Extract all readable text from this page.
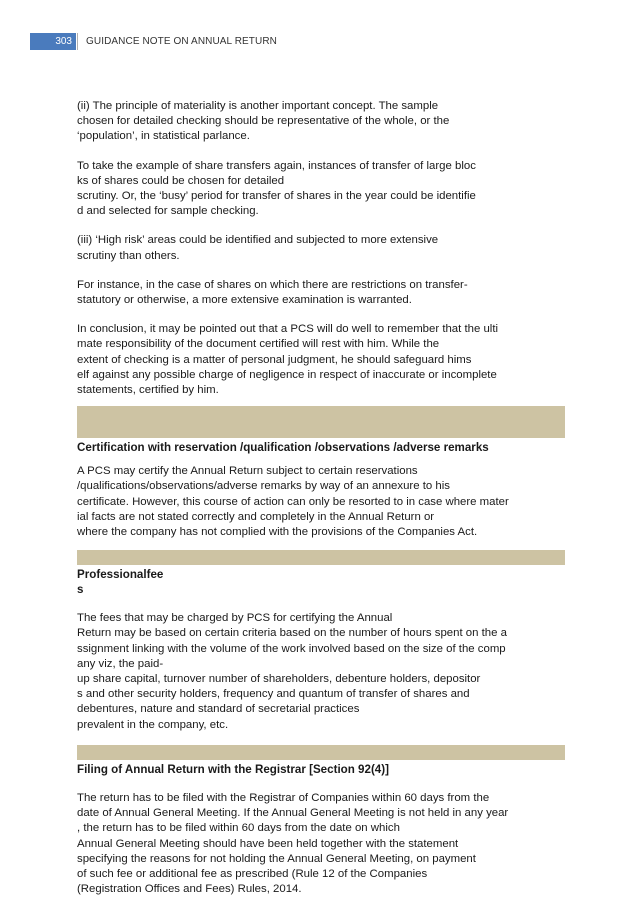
303	GUIDANCE NOTE ON ANNUAL RETURN
(ii) The principle of materiality is another important concept. The sample
chosen for detailed checking should be representative of the whole, or the
‘population’, in statistical parlance.
To take the example of share transfers again, instances of transfer of large bloc
ks of shares could be chosen for detailed
scrutiny. Or, the ‘busy’ period for transfer of shares in the year could be identifie
d and selected for sample checking.
(iii) ‘High risk’ areas could be identified and subjected to more extensive
scrutiny than others.
For instance, in the case of shares on which there are restrictions on transfer-
statutory or otherwise, a more extensive examination is warranted.
In conclusion, it may be pointed out that a PCS will do well to remember that the ulti
mate responsibility of the document certified will rest with him. While the
extent of checking is a matter of personal judgment, he should safeguard hims
elf against any possible charge of negligence in respect of inaccurate or incomplete
statements, certified by him.
Certification with reservation /qualification /observations /adverse remarks
A PCS may certify the Annual Return subject to certain reservations
/qualifications/observations/adverse remarks by way of an annexure to his
certificate. However, this course of action can only be resorted to in case where mater
ial facts are not stated correctly and completely in the Annual Return or
where the company has not complied with the provisions of the Companies Act.
Professionalfee
s
The fees that may be charged by PCS for certifying the Annual
Return may be based on certain criteria based on the number of hours spent on the a
ssignment linking with the volume of the work involved based on the size of the comp
any viz, the paid-
up share capital, turnover number of shareholders, debenture holders, depositor
s and other security holders, frequency and quantum of transfer of shares and
debentures, nature and standard of secretarial practices
prevalent in the company, etc.
Filing of Annual Return with the Registrar [Section 92(4)]
The return has to be filed with the Registrar of Companies within 60 days from the
date of Annual General Meeting. If the Annual General Meeting is not held in any year
, the return has to be filed within 60 days from the date on which
Annual General Meeting should have been held together with the statement
specifying the reasons for not holding the Annual General Meeting, on payment
of such fee or additional fee as prescribed (Rule 12 of the Companies
(Registration Offices and Fees) Rules, 2014.
